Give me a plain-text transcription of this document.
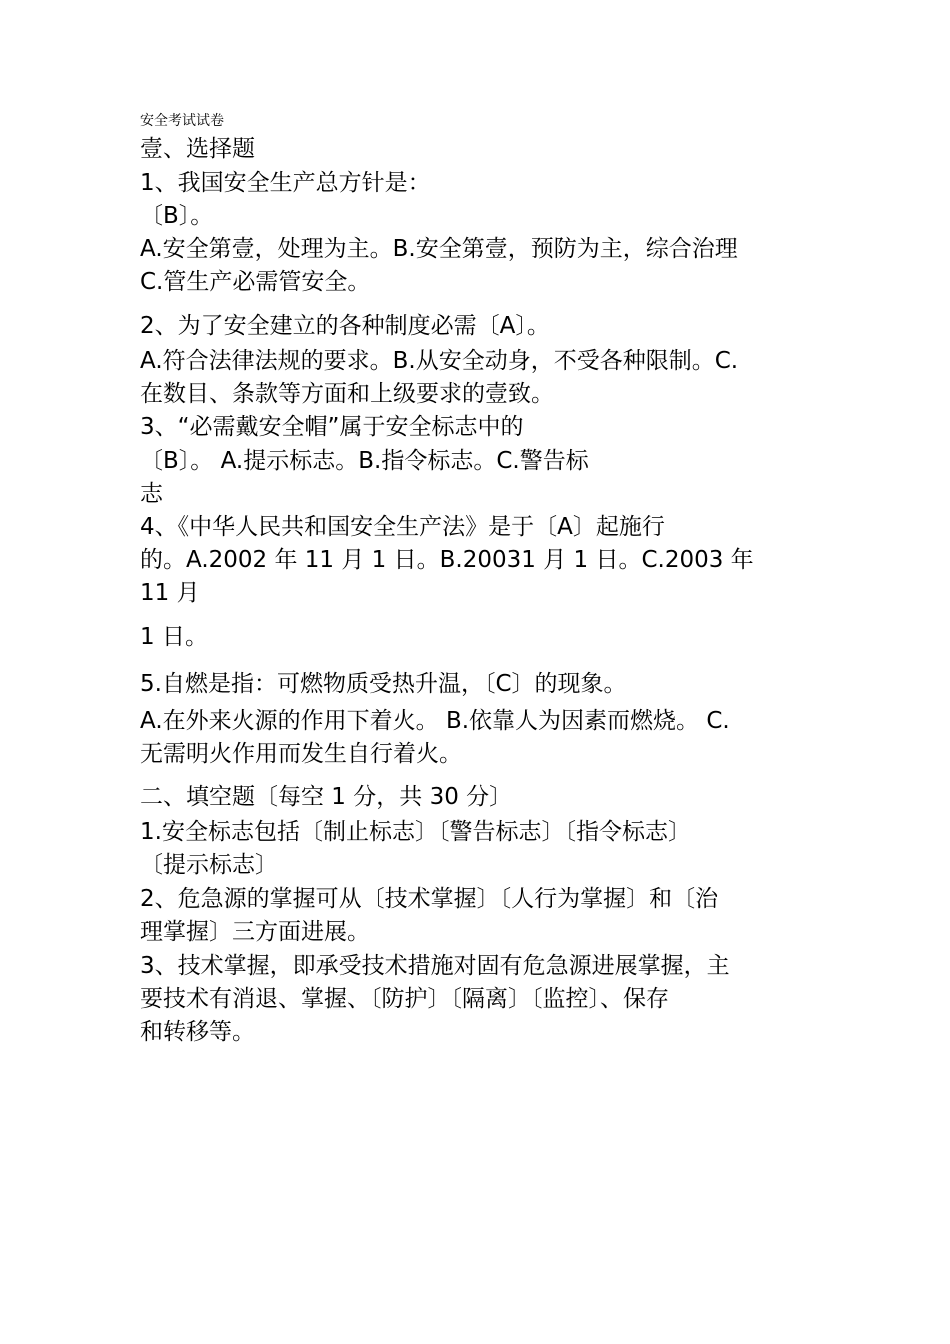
安全考试试卷
壹、选择题
1、我国安全生产总方针是：
〔B〕。
A.安全第壹，处理为主。B.安全第壹，预防为主，综合治理
C.管生产必需管安全。
2、为了安全建立的各种制度必需〔A〕。
A.符合法律法规的要求。B.从安全动身，不受各种限制。C.
在数目、条款等方面和上级要求的壹致。
3、“必需戴安全帽”属于安全标志中的
〔B〕。 A.提示标志。B.指令标志。C.警告标
志
4、《中华人民共和国安全生产法》是于〔A〕起施行
的。A.2002 年 11 月 1 日。B.20031 月 1 日。C.2003 年
11 月
1 日。
5.自燃是指：可燃物质受热升温，〔C〕的现象。
A.在外来火源的作用下着火。 B.依靠人为因素而燃烧。 C.
无需明火作用而发生自行着火。
二、填空题〔每空 1 分，共 30 分〕
1.安全标志包括〔制止标志〕〔警告标志〕〔指令标志〕
〔提示标志〕
2、危急源的掌握可从〔技术掌握〕〔人行为掌握〕和〔治
理掌握〕三方面进展。
3、技术掌握，即承受技术措施对固有危急源进展掌握，主
要技术有消退、掌握、〔防护〕〔隔离〕〔监控〕、保存
和转移等。
